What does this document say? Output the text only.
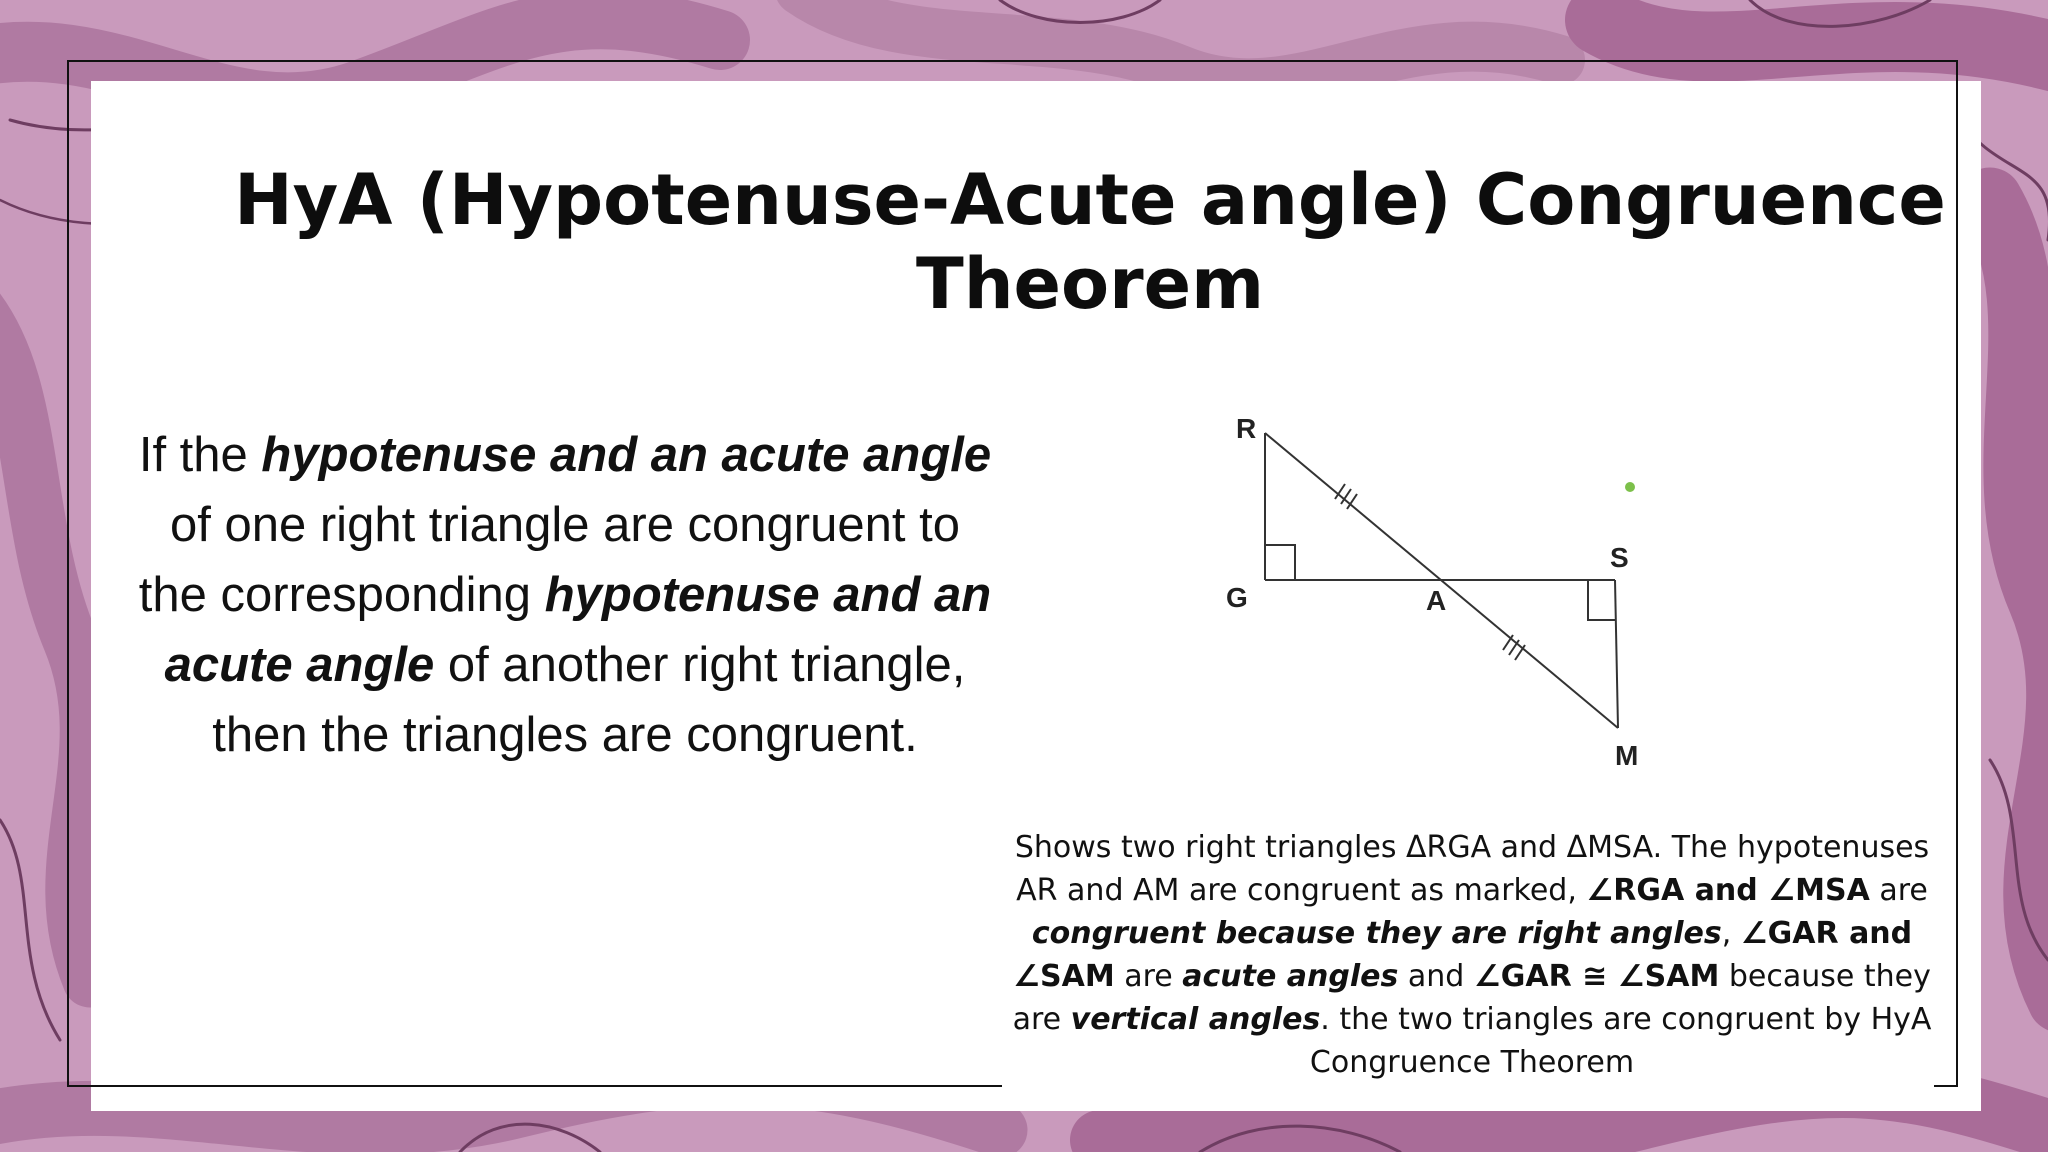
HyA (Hypotenuse-Acute angle) Congruence Theorem

If the hypotenuse and an acute angle of one right triangle are congruent to the corresponding hypotenuse and an acute angle of another right triangle, then the triangles are congruent.

R
G	A
S
M

Shows two right triangles ΔRGA and ΔMSA. The hypotenuses AR and AM are congruent as marked, ∠RGA and ∠MSA are congruent because they are right angles, ∠GAR and ∠SAM are acute angles and ∠GAR ≅ ∠SAM because they are vertical angles. the two triangles are congruent by HyA Congruence Theorem
